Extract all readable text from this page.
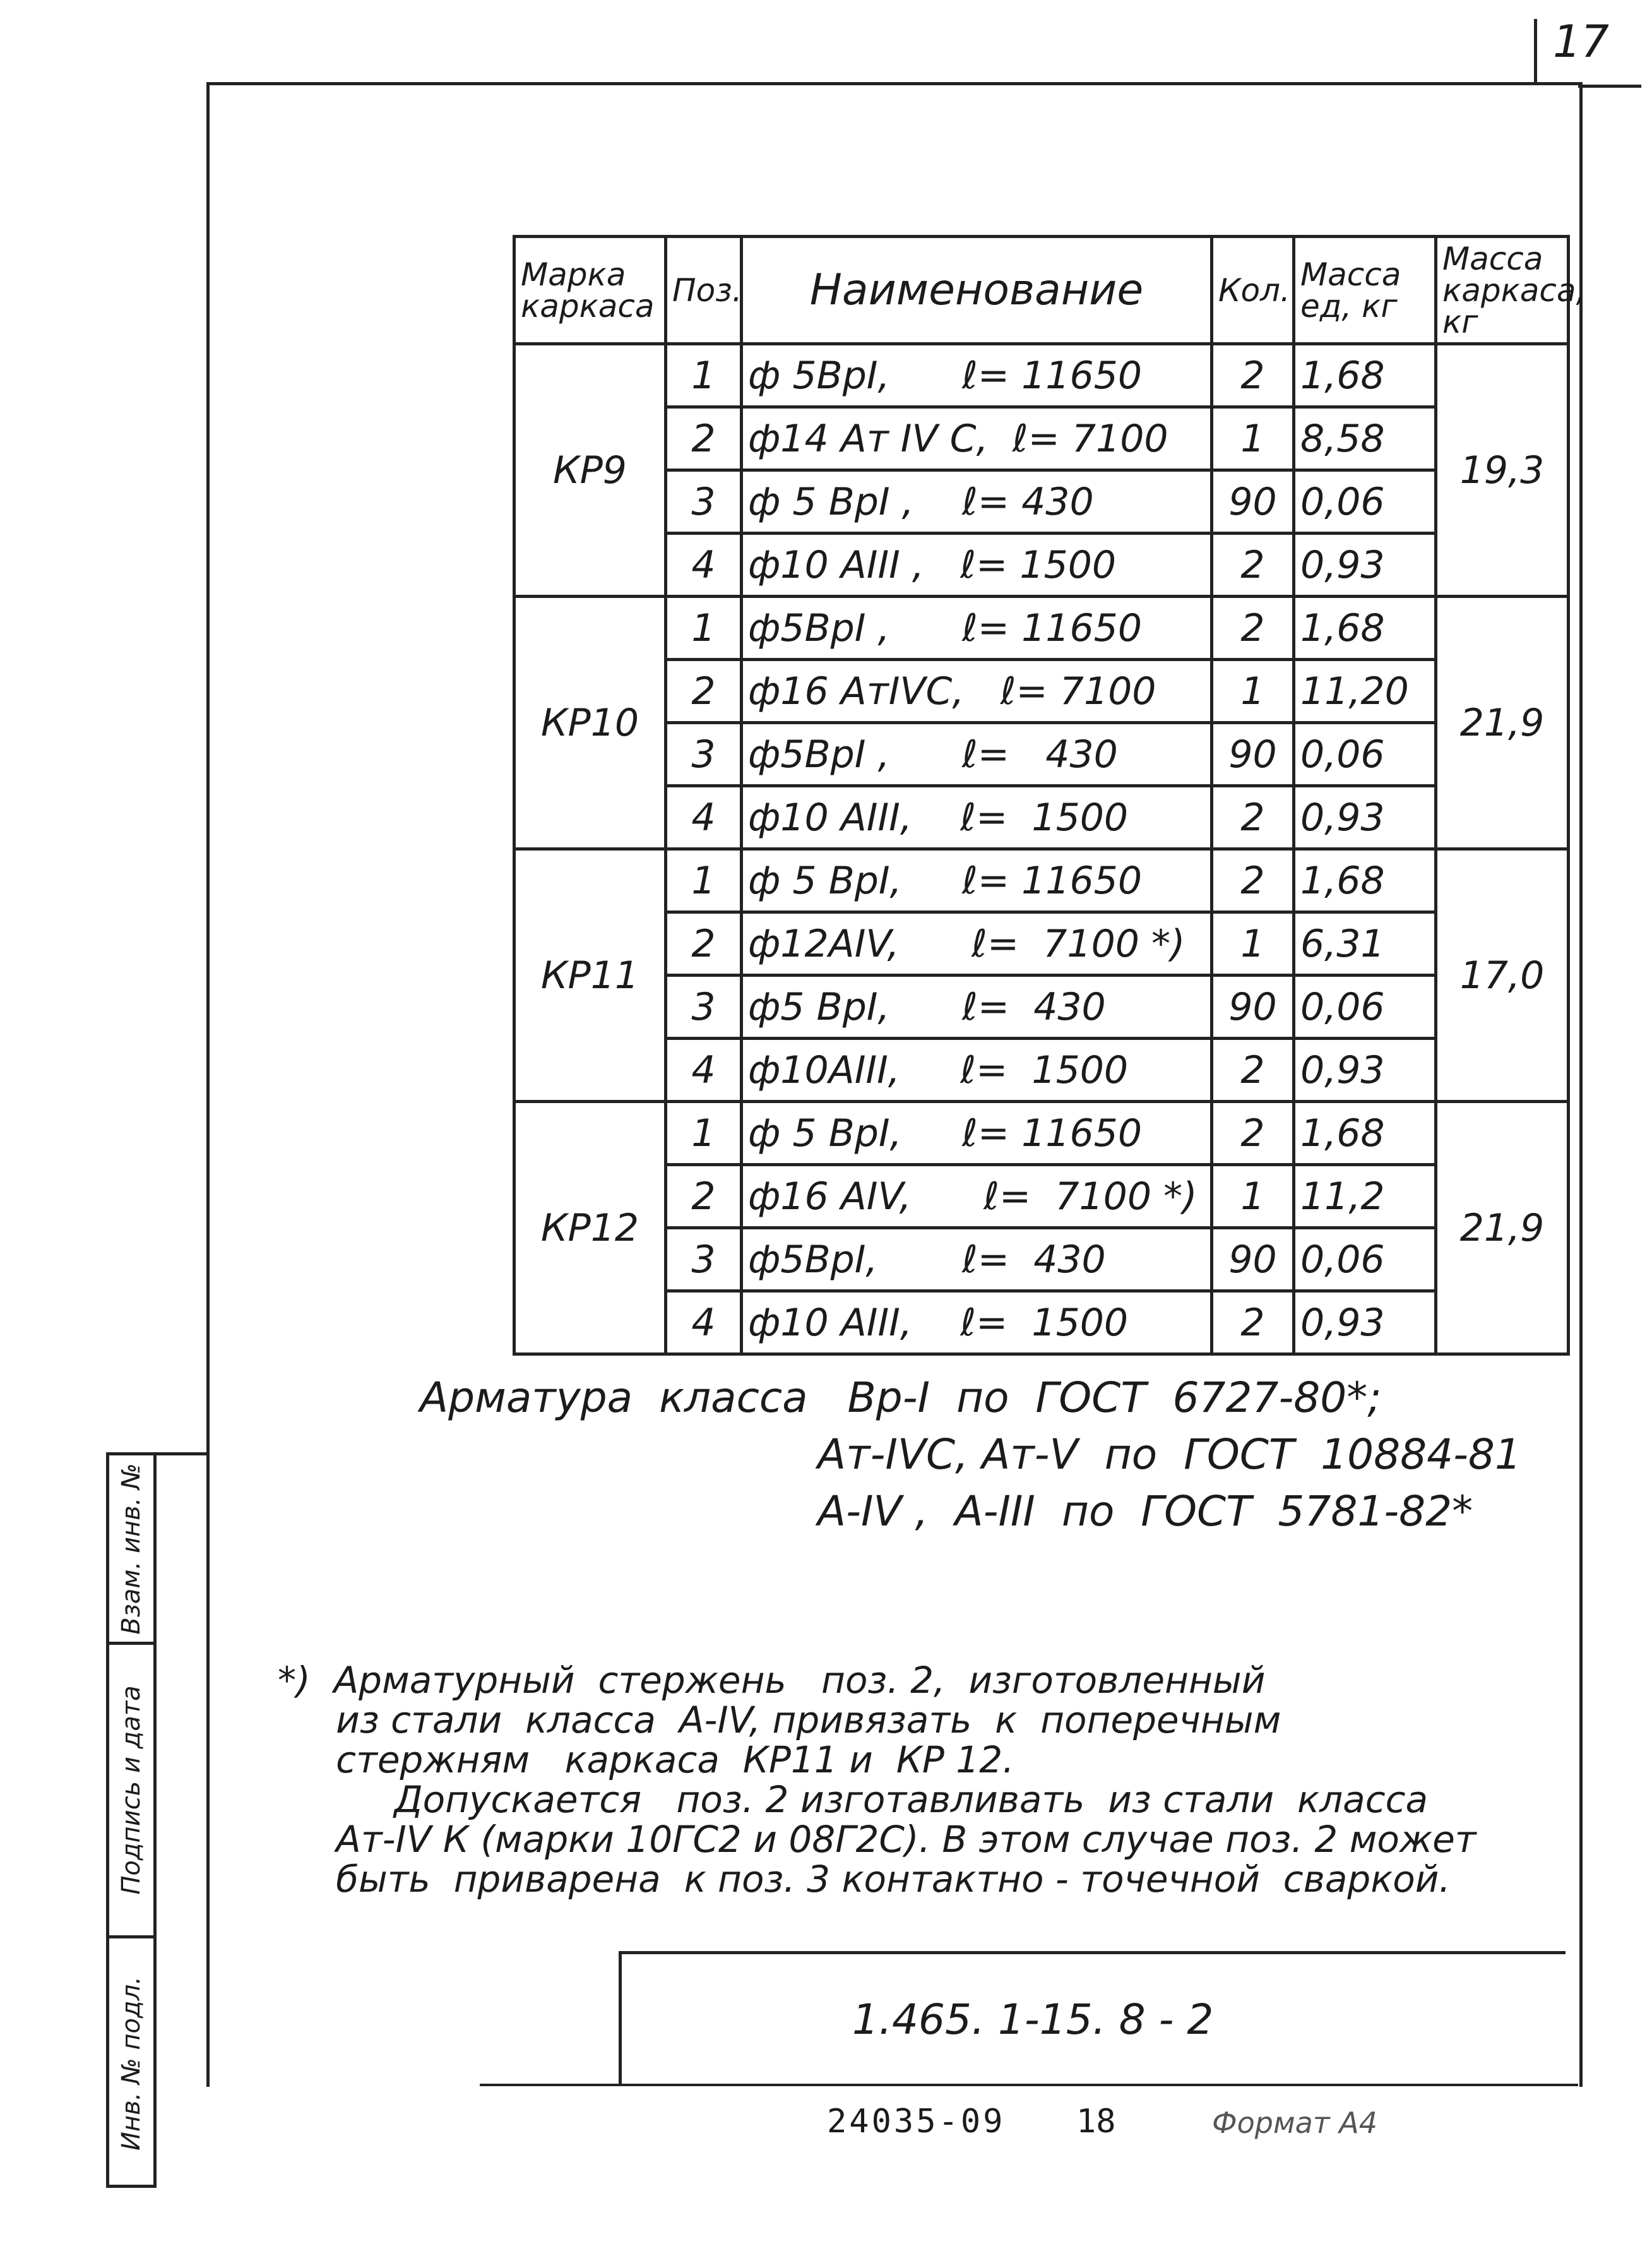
17
Марка каркаса	Поз.	Наименование	Кол.	Масса ед, кг	Масса каркаса, кг
КР9	1	ф 5ВрI,      ℓ= 11650	2	1,68	19,3
	2	ф14 Ат IV С,  ℓ= 7100	1	8,58	
	3	ф 5 ВрI ,    ℓ= 430	90	0,06	
	4	ф10 АIII ,   ℓ= 1500	2	0,93	
КР10	1	ф5ВрI ,      ℓ= 11650	2	1,68	21,9
	2	ф16 АтIVС,   ℓ= 7100	1	11,20	
	3	ф5ВрI ,      ℓ=   430	90	0,06	
	4	ф10 АIII,    ℓ=  1500	2	0,93	
КР11	1	ф 5 ВрI,     ℓ= 11650	2	1,68	17,0
	2	ф12АIV,      ℓ=  7100 *)	1	6,31	
	3	ф5 ВрI,      ℓ=  430	90	0,06	
	4	ф10АIII,     ℓ=  1500	2	0,93	
КР12	1	ф 5 ВрI,     ℓ= 11650	2	1,68	21,9
	2	ф16 АIV,      ℓ=  7100 *)	1	11,2	
	3	ф5ВрI,       ℓ=  430	90	0,06	
	4	ф10 АIII,    ℓ=  1500	2	0,93	
Арматура  класса   Вр-I  по  ГОСТ  6727-80*;
Ат-IVС, Ат-V  по  ГОСТ  10884-81
А-IV ,  А-III  по  ГОСТ  5781-82*
*)  Арматурный  стержень   поз. 2,  изготовленный
из стали  класса  А-IV, привязать  к  поперечным
стержням   каркаса  КР11 и  КР 12.
Допускается   поз. 2 изготавливать  из стали  класса
Ат-IV К (марки 10ГС2 и 08Г2С). В этом случае поз. 2 может
быть  приварена  к поз. 3 контактно - точечной  сваркой.
1.465. 1-15. 8 - 2
24035-09 18	Формат А4
Взам. инв. №
Подпись и дата
Инв. № подл.
